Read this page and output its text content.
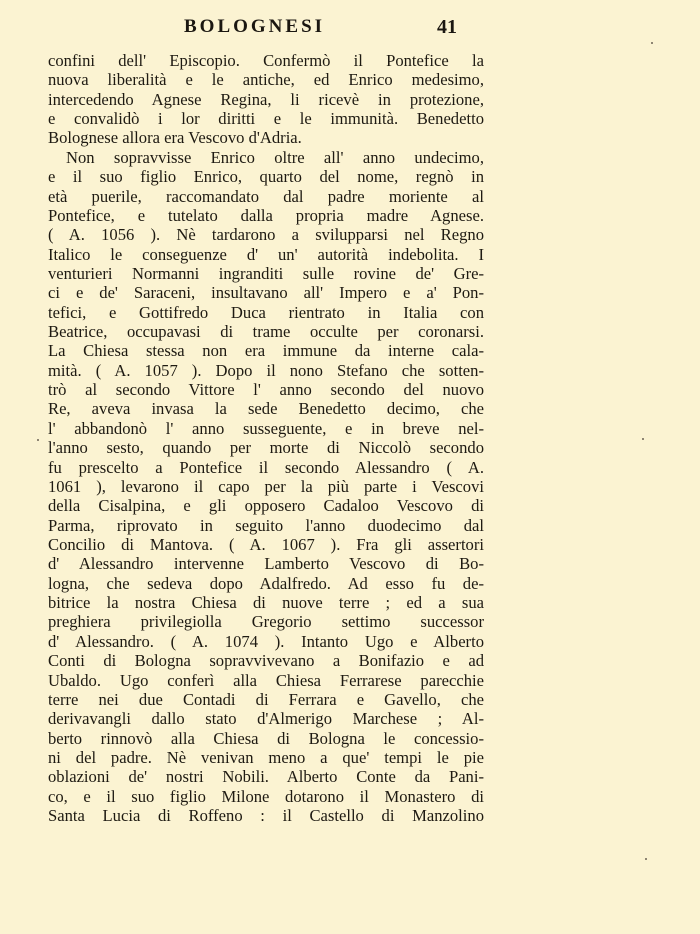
BOLOGNESI	41
confini dell' Episcopio. Confermò il Pontefice la
nuova liberalità e le antiche, ed Enrico medesimo,
intercedendo Agnese Regina, li ricevè in protezione,
e convalidò i lor diritti e le immunità. Benedetto
Bolognese allora era Vescovo d'Adria.
Non sopravvisse Enrico oltre all' anno undecimo,
e il suo figlio Enrico, quarto del nome, regnò in
età puerile, raccomandato dal padre moriente al
Pontefice, e tutelato dalla propria madre Agnese.
( A. 1056 ). Nè tardarono a svilupparsi nel Regno
Italico le conseguenze d' un' autorità indebolita. I
venturieri Normanni ingranditi sulle rovine de' Gre-
ci e de' Saraceni, insultavano all' Impero e a' Pon-
tefici, e Gottifredo Duca rientrato in Italia con
Beatrice, occupavasi di trame occulte per coronarsi.
La Chiesa stessa non era immune da interne cala-
mità. ( A. 1057 ). Dopo il nono Stefano che sotten-
trò al secondo Vittore l' anno secondo del nuovo
Re, aveva invasa la sede Benedetto decimo, che
l' abbandonò l' anno susseguente, e in breve nel-
l'anno sesto, quando per morte di Niccolò secondo
fu prescelto a Pontefice il secondo Alessandro ( A.
1061 ), levarono il capo per la più parte i Vescovi
della Cisalpina, e gli opposero Cadaloo Vescovo di
Parma, riprovato in seguito l'anno duodecimo dal
Concilio di Mantova. ( A. 1067 ). Fra gli assertori
d' Alessandro intervenne Lamberto Vescovo di Bo-
logna, che sedeva dopo Adalfredo. Ad esso fu de-
bitrice la nostra Chiesa di nuove terre ; ed a sua
preghiera privilegiolla Gregorio settimo successor
d' Alessandro. ( A. 1074 ). Intanto Ugo e Alberto
Conti di Bologna sopravvivevano a Bonifazio e ad
Ubaldo. Ugo conferì alla Chiesa Ferrarese parecchie
terre nei due Contadi di Ferrara e Gavello, che
derivavangli dallo stato d'Almerigo Marchese ; Al-
berto rinnovò alla Chiesa di Bologna le concessio-
ni del padre. Nè venivan meno a que' tempi le pie
oblazioni de' nostri Nobili. Alberto Conte da Pani-
co, e il suo figlio Milone dotarono il Monastero di
Santa Lucia di Roffeno : il Castello di Manzolino
